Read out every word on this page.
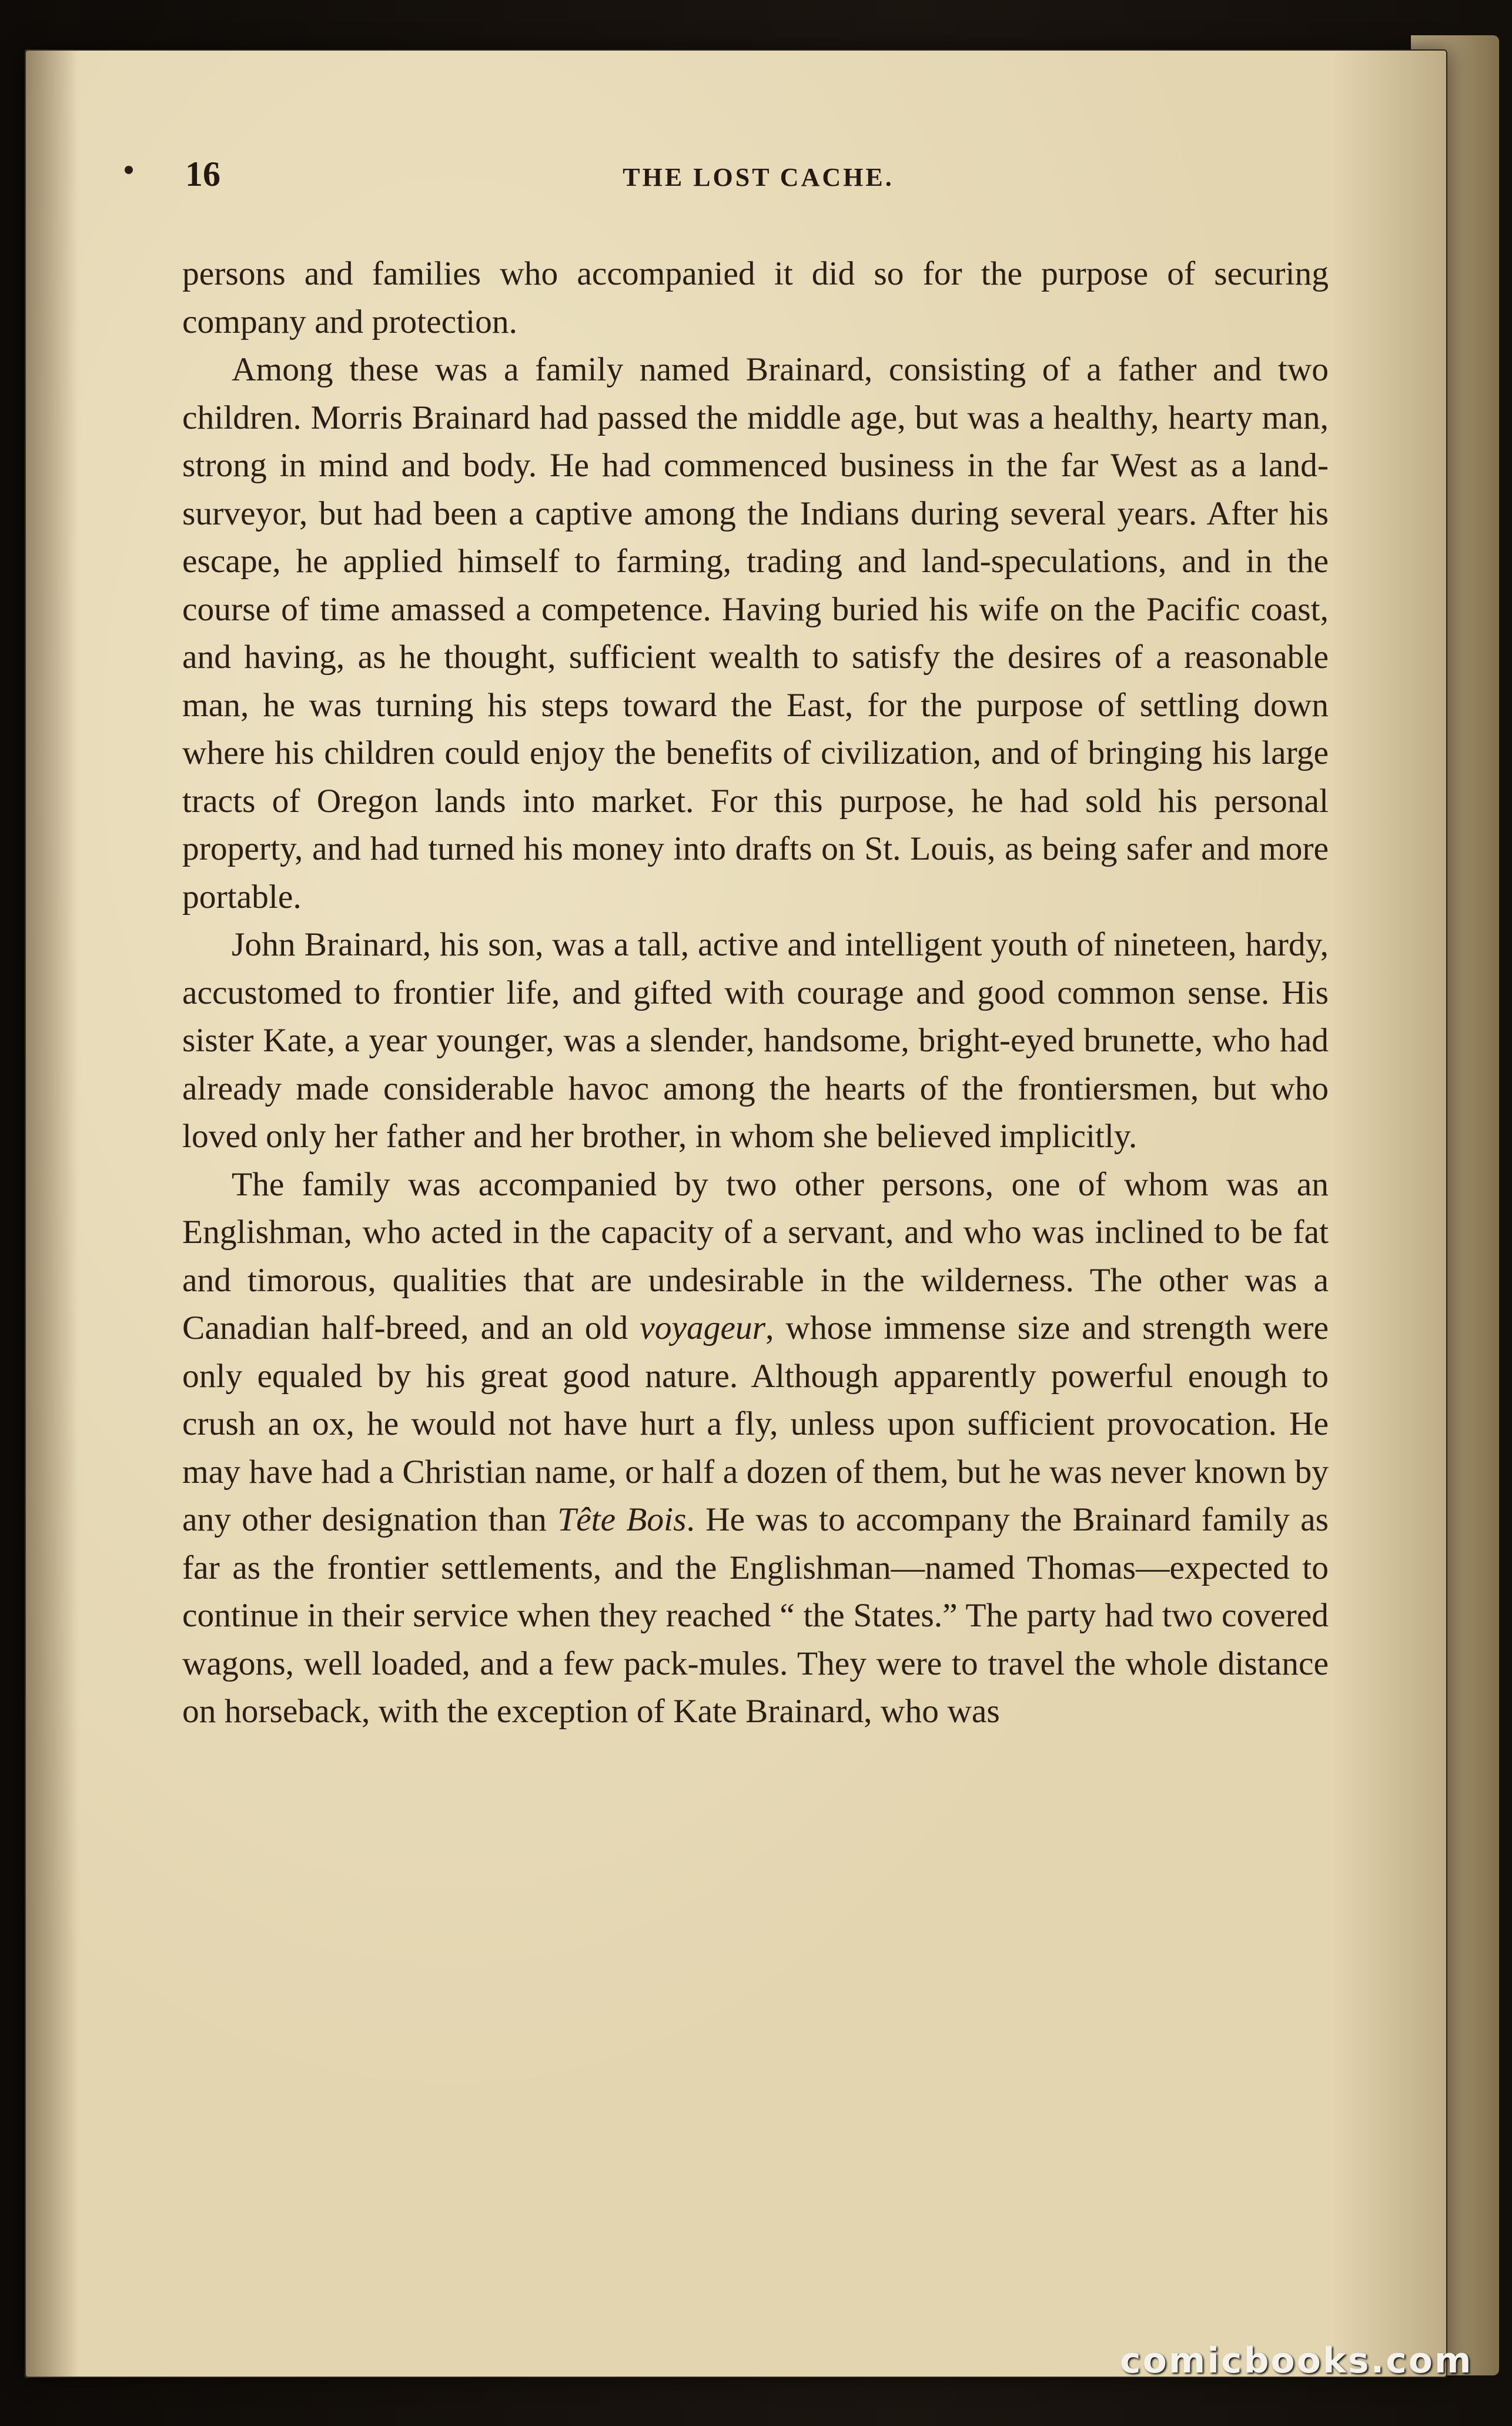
16	THE LOST CACHE.

persons and families who accompanied it did so for the purpose of securing company and protection.

Among these was a family named Brainard, consisting of a father and two children. Morris Brainard had passed the middle age, but was a healthy, hearty man, strong in mind and body. He had commenced business in the far West as a land-surveyor, but had been a captive among the Indians during several years. After his escape, he applied himself to farming, trading and land-speculations, and in the course of time amassed a competence. Having buried his wife on the Pacific coast, and having, as he thought, sufficient wealth to satisfy the desires of a reasonable man, he was turning his steps toward the East, for the purpose of settling down where his children could enjoy the benefits of civilization, and of bringing his large tracts of Oregon lands into market. For this purpose, he had sold his personal property, and had turned his money into drafts on St. Louis, as being safer and more portable.

John Brainard, his son, was a tall, active and intelligent youth of nineteen, hardy, accustomed to frontier life, and gifted with courage and good common sense. His sister Kate, a year younger, was a slender, handsome, bright-eyed brunette, who had already made considerable havoc among the hearts of the frontiersmen, but who loved only her father and her brother, in whom she believed implicitly.

The family was accompanied by two other persons, one of whom was an Englishman, who acted in the capacity of a servant, and who was inclined to be fat and timorous, qualities that are undesirable in the wilderness. The other was a Canadian half-breed, and an old voyageur, whose immense size and strength were only equaled by his great good nature. Although apparently powerful enough to crush an ox, he would not have hurt a fly, unless upon sufficient provocation. He may have had a Christian name, or half a dozen of them, but he was never known by any other designation than Tête Bois. He was to accompany the Brainard family as far as the frontier settlements, and the Englishman—named Thomas—expected to continue in their service when they reached “ the States.” The party had two covered wagons, well loaded, and a few pack-mules. They were to travel the whole distance on horseback, with the exception of Kate Brainard, who was

comicbooks.com
